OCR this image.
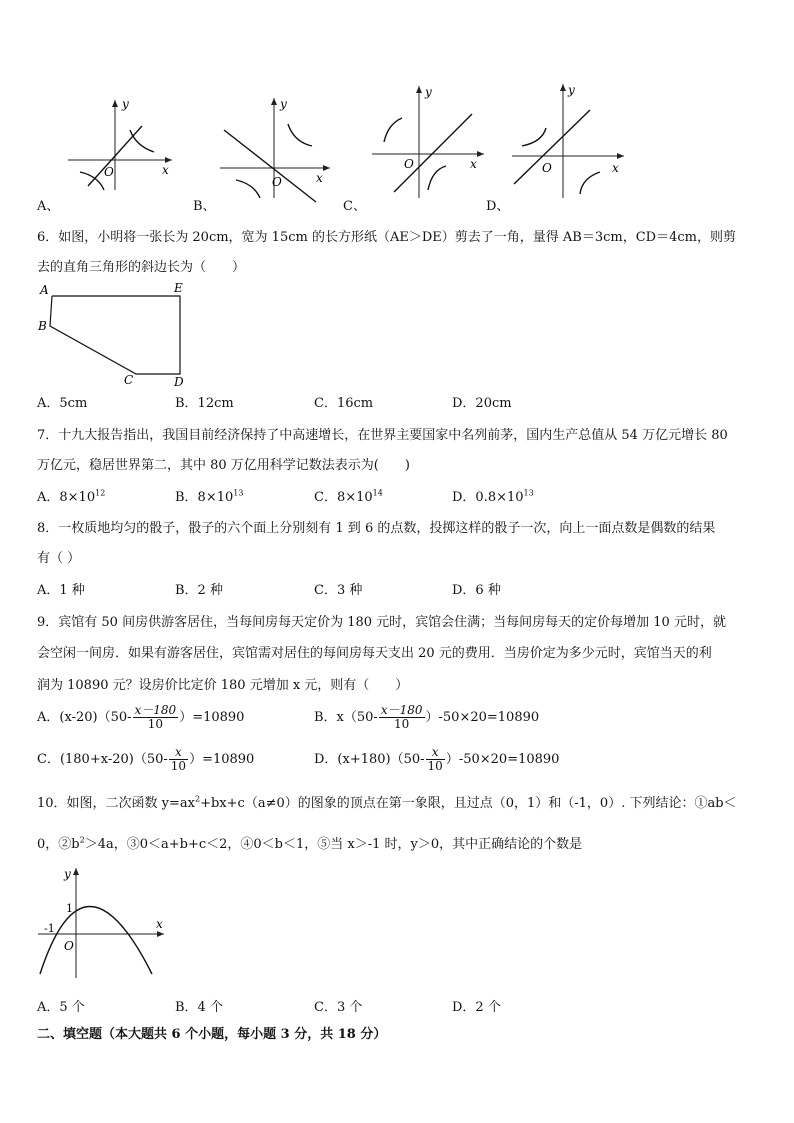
y
x
O
y
x
O
y
x
O
y
x
O
A、	B、	C、	D、
6．如图，小明将一张长为 20cm，宽为 15cm 的长方形纸（AE＞DE）剪去了一角，量得 AB＝3cm，CD＝4cm，则剪
去的直角三角形的斜边长为（　　）
A	E
B
C	D
A．5cm	B．12cm	C．16cm	D．20cm
7．十九大报告指出，我国目前经济保持了中高速增长，在世界主要国家中名列前茅，国内生产总值从 54 万亿元增长 80
万亿元，稳居世界第二，其中 80 万亿用科学记数法表示为(　　)
A．$8\times 10^{12}$	B．$8\times 10^{13}$	C．$8\times 10^{14}$	D．$0.8\times 10^{13}$
8．一枚质地均匀的骰子，骰子的六个面上分别刻有 1 到 6 的点数，投掷这样的骰子一次，向上一面点数是偶数的结果
有（ ）
A．1 种	B．2 种	C．3 种	D．6 种
9．宾馆有 50 间房供游客居住，当每间房每天定价为 180 元时，宾馆会住满；当每间房每天的定价每增加 10 元时，就
会空闲一间房．如果有游客居住，宾馆需对居住的每间房每天支出 20 元的费用．当房价定为多少元时，宾馆当天的利
润为 10890 元？设房价比定价 180 元增加 x 元，则有（　　）
A．$(x-20)(50- \frac{x-180}{10} )=10890$	B．$x(50- \frac{x-180}{10} )-50\times 20=10890$
C．$(180+x-20)(50- \frac{x}{10} )=10890$	D．$(x+180)(50- \frac{x}{10} )-50\times 20=10890$
10．如图，二次函数 $y=ax^2+bx+c(a\ne 0)$的图象的顶点在第一象限，且过点（0，1）和（-1，0）. 下列结论：①ab＜
0，$②b^2>4a$，③0＜a+b+c＜2，④0＜b＜1，⑤当 x＞-1 时，y＞0，其中正确结论的个数是
y
x
1
-1
O
A．5 个	B．4 个	C．3 个	D．2 个
二、填空题（本大题共 6 个小题，每小题 3 分，共 18 分）
